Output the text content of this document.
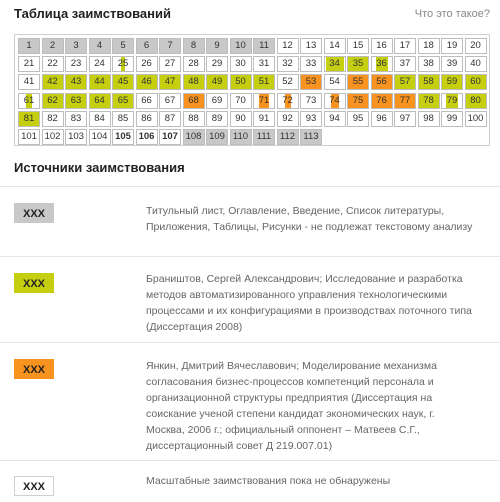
Таблица заимствований	Что это такое?
1	2	3	4	5	6	7	8	9	10	11	12	13	14	15	16	17	18	19	20
21	22	23	24	25	26	27	28	29	30	31	32	33	34	35	36	37	38	39	40
41	42	43	44	45	46	47	48	49	50	51	52	53	54	55	56	57	58	59	60
61	62	63	64	65	66	67	68	69	70	71	72	73	74	75	76	77	78	79	80
81	82	83	84	85	86	87	88	89	90	91	92	93	94	95	96	97	98	99	100
101 102 103 104 105 106 107 108 109 110 111 112 113
Источники заимствования
XXX	Титульный лист, Оглавление, Введение, Список литературы, Приложения, Таблицы, Рисунки - не подлежат текстовому анализу
XXX	Браништов, Сергей Александрович; Исследование и разработка методов автоматизированного управления технологическими процессами и их конфигурациями в производствах поточного типа (Диссертация 2008)
XXX	Янкин, Дмитрий Вячеславович; Моделирование механизма согласования бизнес-процессов компетенций персонала и организационной структуры предприятия (Диссертация на соискание ученой степени кандидат экономических наук, г. Москва, 2006 г.; официальный оппонент – Матвеев С.Г., диссертационный совет Д 219.007.01)
XXX	Масштабные заимствования пока не обнаружены
